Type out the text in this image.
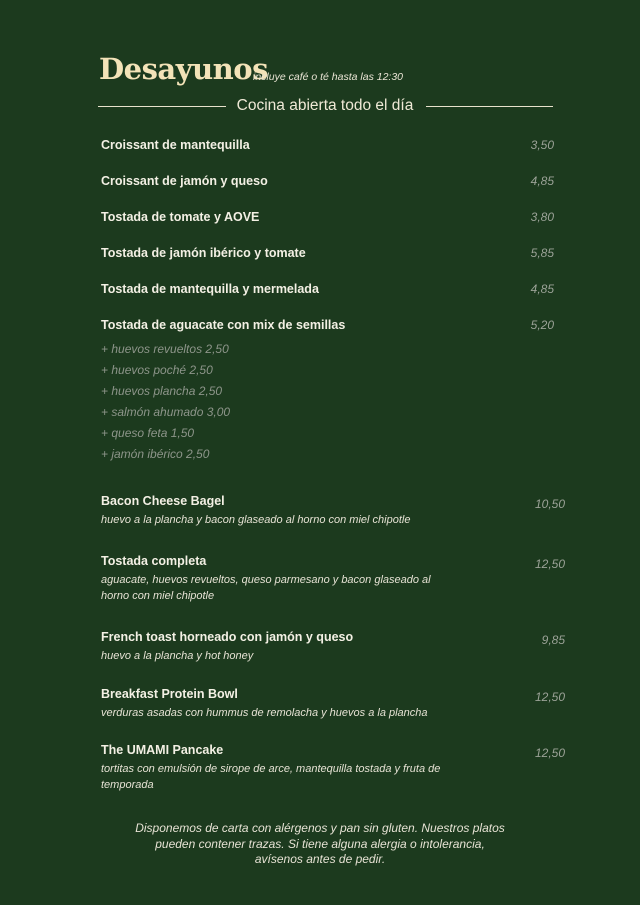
Desayunos
incluye café o té hasta las 12:30
Cocina abierta todo el día
Croissant de mantequilla	3,50
Croissant de jamón y queso	4,85
Tostada de tomate y AOVE	3,80
Tostada de jamón ibérico y tomate	5,85
Tostada de mantequilla y mermelada	4,85
Tostada de aguacate con mix de semillas	5,20
+ huevos revueltos 2,50
+ huevos poché 2,50
+ huevos plancha 2,50
+ salmón ahumado 3,00
+ queso feta 1,50
+ jamón ibérico 2,50
Bacon Cheese Bagel	10,50
huevo a la plancha y bacon glaseado al horno con miel chipotle
Tostada completa	12,50
aguacate, huevos revueltos, queso parmesano y bacon glaseado al horno con miel chipotle
French toast horneado con jamón y queso	9,85
huevo a la plancha y hot honey
Breakfast Protein Bowl	12,50
verduras asadas con hummus de remolacha y huevos a la plancha
The UMAMI Pancake	12,50
tortitas con emulsión de sirope de arce, mantequilla tostada y fruta de temporada
Disponemos de carta con alérgenos y pan sin gluten. Nuestros platos pueden contener trazas. Si tiene alguna alergia o intolerancia, avísenos antes de pedir.
